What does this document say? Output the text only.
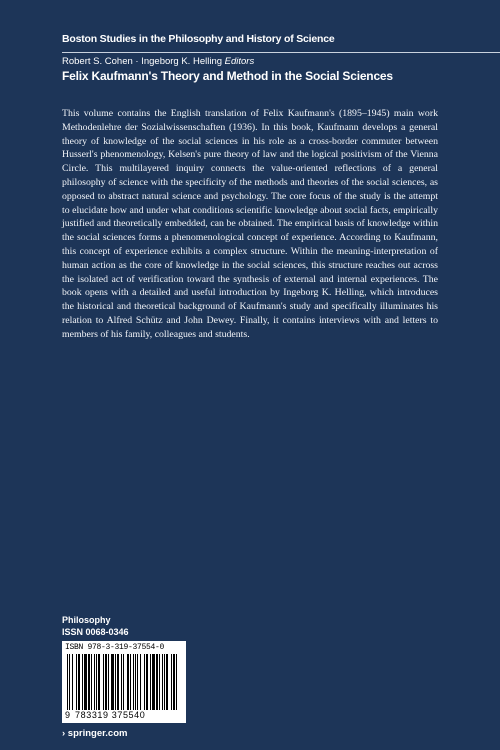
Boston Studies in the Philosophy and History of Science
Robert S. Cohen · Ingeborg K. Helling Editors
Felix Kaufmann's Theory and Method in the Social Sciences

This volume contains the English translation of Felix Kaufmann's (1895–1945) main work Methodenlehre der Sozialwissenschaften (1936). In this book, Kaufmann develops a general theory of knowledge of the social sciences in his role as a cross-border commuter between Husserl's phenomenology, Kelsen's pure theory of law and the logical positivism of the Vienna Circle. This multilayered inquiry connects the value-oriented reflections of a general philosophy of science with the specificity of the methods and theories of the social sciences, as opposed to abstract natural science and psychology. The core focus of the study is the attempt to elucidate how and under what conditions scientific knowledge about social facts, empirically justified and theoretically embedded, can be obtained. The empirical basis of knowledge within the social sciences forms a phenomenological concept of experience. According to Kaufmann, this concept of experience exhibits a complex structure. Within the meaning-interpretation of human action as the core of knowledge in the social sciences, this structure reaches out across the isolated act of verification toward the synthesis of external and internal experiences. The book opens with a detailed and useful introduction by Ingeborg K. Helling, which introduces the historical and theoretical background of Kaufmann's study and specifically illuminates his relation to Alfred Schütz and John Dewey. Finally, it contains interviews with and letters to members of his family, colleagues and students.

Philosophy
ISSN 0068-0346
ISBN 978-3-319-37554-0
9 783319 375540
› springer.com
